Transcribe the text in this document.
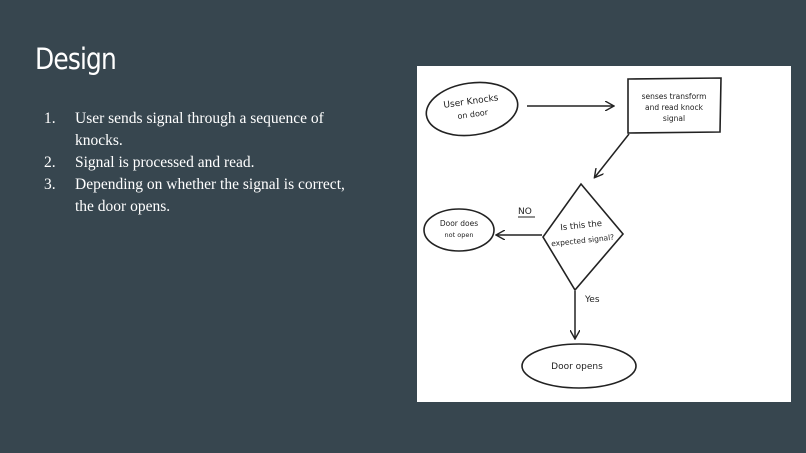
Design
1. User sends signal through a sequence of knocks.
2. Signal is processed and read.
3. Depending on whether the signal is correct, the door opens.
User Knocks
on door
senses transform
and read knock
signal
Is this the
expected signal?
NO
Door does
not open
Yes
Door opens
